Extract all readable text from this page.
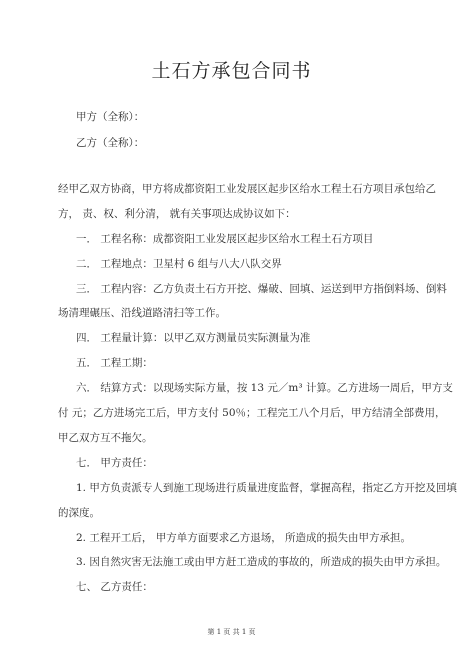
土石方承包合同书
甲方（全称）：
乙方（全称）：
经甲乙双方协商，甲方将成都资阳工业发展区起步区给水工程土石方项目承包给乙
方， 责、权、利分清， 就有关事项达成协议如下：
一． 工程名称：成都资阳工业发展区起步区给水工程土石方项目
二． 工程地点：卫星村 6 组与八大八队交界
三． 工程内容：乙方负责土石方开挖、爆破、回填、运送到甲方指倒料场、倒料
场清理碾压、沿线道路清扫等工作。
四． 工程量计算：以甲乙双方测量员实际测量为准
五． 工程工期：
六． 结算方式：以现场实际方量，按 13 元／m³ 计算。乙方进场一周后，甲方支
付 元；乙方进场完工后，甲方支付 50％；工程完工八个月后，甲方结清全部费用，
甲乙双方互不拖欠。
七． 甲方责任：
1. 甲方负责派专人到施工现场进行质量进度监督，掌握高程，指定乙方开挖及回填
的深度。
2. 工程开工后， 甲方单方面要求乙方退场， 所造成的损失由甲方承担。
3. 因自然灾害无法施工或由甲方赶工造成的事故的，所造成的损失由甲方承担。
七、 乙方责任：
第 1 页 共 1 页
